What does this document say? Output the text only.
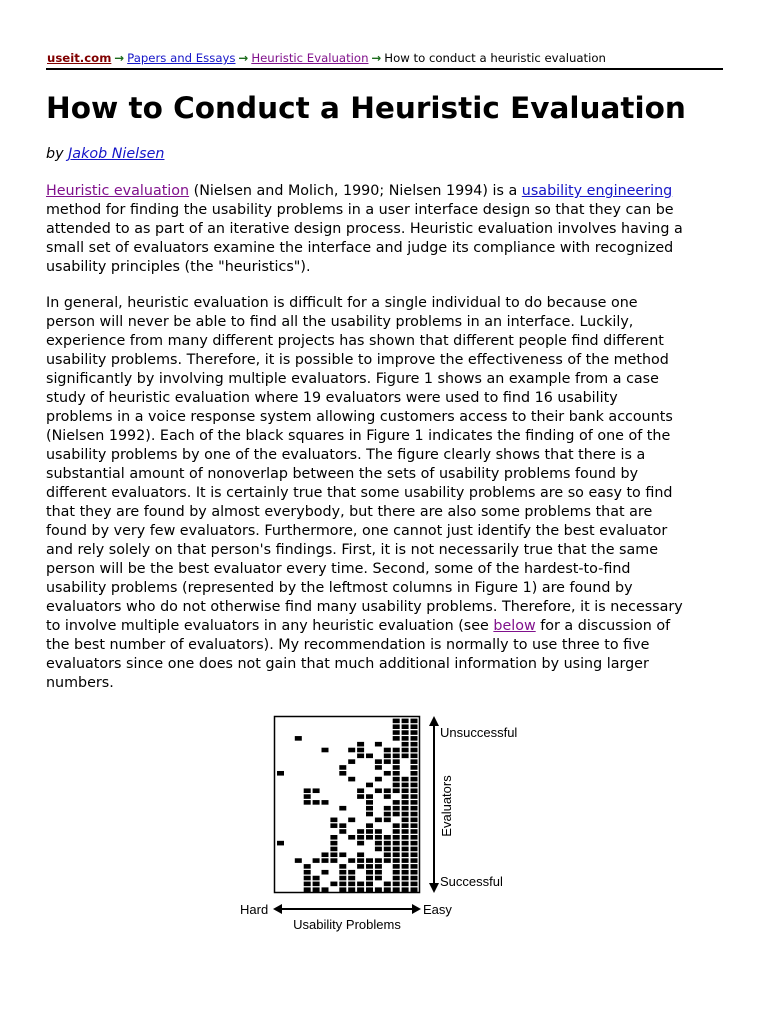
useit.com → Papers and Essays → Heuristic Evaluation → How to conduct a heuristic evaluation
How to Conduct a Heuristic Evaluation

by Jakob Nielsen

Heuristic evaluation (Nielsen and Molich, 1990; Nielsen 1994) is a usability engineering
method for finding the usability problems in a user interface design so that they can be
attended to as part of an iterative design process. Heuristic evaluation involves having a
small set of evaluators examine the interface and judge its compliance with recognized
usability principles (the "heuristics").

In general, heuristic evaluation is difficult for a single individual to do because one
person will never be able to find all the usability problems in an interface. Luckily,
experience from many different projects has shown that different people find different
usability problems. Therefore, it is possible to improve the effectiveness of the method
significantly by involving multiple evaluators. Figure 1 shows an example from a case
study of heuristic evaluation where 19 evaluators were used to find 16 usability
problems in a voice response system allowing customers access to their bank accounts
(Nielsen 1992). Each of the black squares in Figure 1 indicates the finding of one of the
usability problems by one of the evaluators. The figure clearly shows that there is a
substantial amount of nonoverlap between the sets of usability problems found by
different evaluators. It is certainly true that some usability problems are so easy to find
that they are found by almost everybody, but there are also some problems that are
found by very few evaluators. Furthermore, one cannot just identify the best evaluator
and rely solely on that person's findings. First, it is not necessarily true that the same
person will be the best evaluator every time. Second, some of the hardest-to-find
usability problems (represented by the leftmost columns in Figure 1) are found by
evaluators who do not otherwise find many usability problems. Therefore, it is necessary
to involve multiple evaluators in any heuristic evaluation (see below for a discussion of
the best number of evaluators). My recommendation is normally to use three to five
evaluators since one does not gain that much additional information by using larger
numbers.

Unsuccessful
Successful
Evaluators
Hard	Easy
Usability Problems
